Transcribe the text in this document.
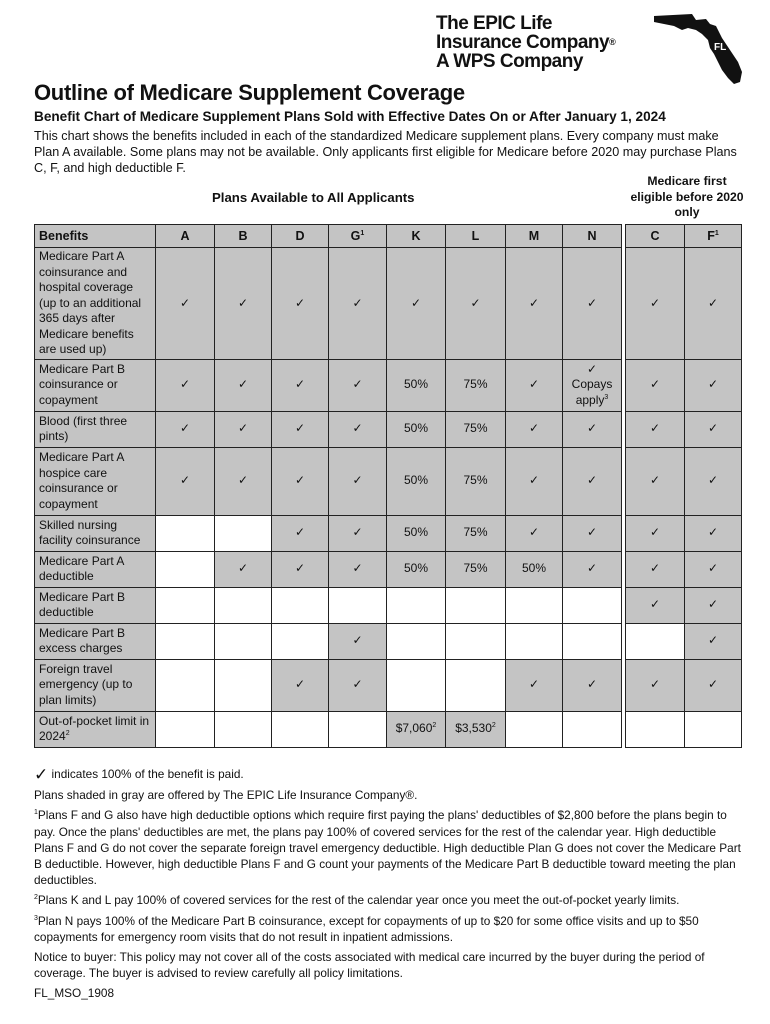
The EPIC Life
Insurance Company®
A WPS Company
FL
Outline of Medicare Supplement Coverage
Benefit Chart of Medicare Supplement Plans Sold with Effective Dates On or After January 1, 2024
This chart shows the benefits included in each of the standardized Medicare supplement plans. Every company must make Plan A available. Some plans may not be available. Only applicants first eligible for Medicare before 2020 may purchase Plans C, F, and high deductible F.
Plans Available to All Applicants
Medicare first eligible before 2020 only
Benefits	A	B	D	$G^1$	K	L	M	N		C	$F^1$
Medicare Part A coinsurance and hospital coverage (up to an additional 365 days after Medicare benefits are used up)	✓	✓	✓	✓	✓	✓	✓	✓		✓	✓
Medicare Part B coinsurance or copayment	✓	✓	✓	✓	50%	75%	✓	✓ Copays apply$^3$		✓	✓
Blood (first three pints)	✓	✓	✓	✓	50%	75%	✓	✓		✓	✓
Medicare Part A hospice care coinsurance or copayment	✓	✓	✓	✓	50%	75%	✓	✓		✓	✓
Skilled nursing facility coinsurance			✓	✓	50%	75%	✓	✓		✓	✓
Medicare Part A deductible		✓	✓	✓	50%	75%	50%	✓		✓	✓
Medicare Part B deductible										✓	✓
Medicare Part B excess charges				✓							✓
Foreign travel emergency (up to plan limits)			✓	✓			✓	✓		✓	✓
Out-of-pocket limit in 2024$^2$					$7,060$^2$	$3,530$^2$					

✓ indicates 100% of the benefit is paid.

Plans shaded in gray are offered by The EPIC Life Insurance Company®.

$^1$Plans F and G also have high deductible options which require first paying the plans' deductibles of $2,800 before the plans begin to pay. Once the plans' deductibles are met, the plans pay 100% of covered services for the rest of the calendar year. High deductible Plans F and G do not cover the separate foreign travel emergency deductible. High deductible Plan G does not cover the Medicare Part B deductible. However, high deductible Plans F and G count your payments of the Medicare Part B deductible toward meeting the plan deductibles.

$^2$Plans K and L pay 100% of covered services for the rest of the calendar year once you meet the out-of-pocket yearly limits.

$^3$Plan N pays 100% of the Medicare Part B coinsurance, except for copayments of up to $20 for some office visits and up to $50 copayments for emergency room visits that do not result in inpatient admissions.

Notice to buyer: This policy may not cover all of the costs associated with medical care incurred by the buyer during the period of coverage. The buyer is advised to review carefully all policy limitations.

FL_MSO_1908
